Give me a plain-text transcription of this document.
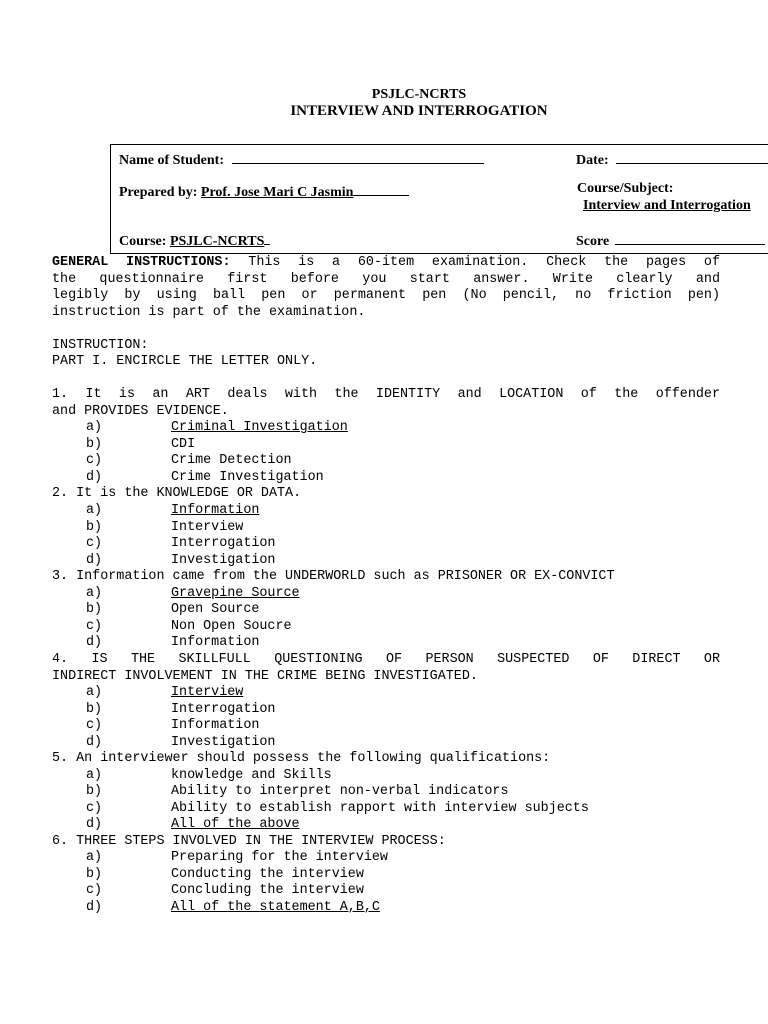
PSJLC-NCRTS
INTERVIEW AND INTERROGATION
Name of Student:	Date:
Prepared by: Prof. Jose Mari C Jasmin	Course/Subject:
Interview and Interrogation
Course: PSJLC-NCRTS	Score
GENERAL INSTRUCTIONS: This is a 60-item examination. Check the pages of
the questionnaire first before you start answer. Write clearly and
legibly by using ball pen or permanent pen (No pencil, no friction pen)
instruction is part of the examination.
INSTRUCTION:
PART I. ENCIRCLE THE LETTER ONLY.
1. It is an ART deals with the IDENTITY and LOCATION of the offender
and PROVIDES EVIDENCE.
a)	Criminal Investigation
b)	CDI
c)	Crime Detection
d)	Crime Investigation
2. It is the KNOWLEDGE OR DATA.
a)	Information
b)	Interview
c)	Interrogation
d)	Investigation
3. Information came from the UNDERWORLD such as PRISONER OR EX-CONVICT
a)	Gravepine Source
b)	Open Source
c)	Non Open Soucre
d)	Information
4. IS THE SKILLFULL QUESTIONING OF PERSON SUSPECTED OF DIRECT OR
INDIRECT INVOLVEMENT IN THE CRIME BEING INVESTIGATED.
a)	Interview
b)	Interrogation
c)	Information
d)	Investigation
5. An interviewer should possess the following qualifications:
a)	knowledge and Skills
b)	Ability to interpret non-verbal indicators
c)	Ability to establish rapport with interview subjects
d)	All of the above
6. THREE STEPS INVOLVED IN THE INTERVIEW PROCESS:
a)	Preparing for the interview
b)	Conducting the interview
c)	Concluding the interview
d)	All of the statement A,B,C
